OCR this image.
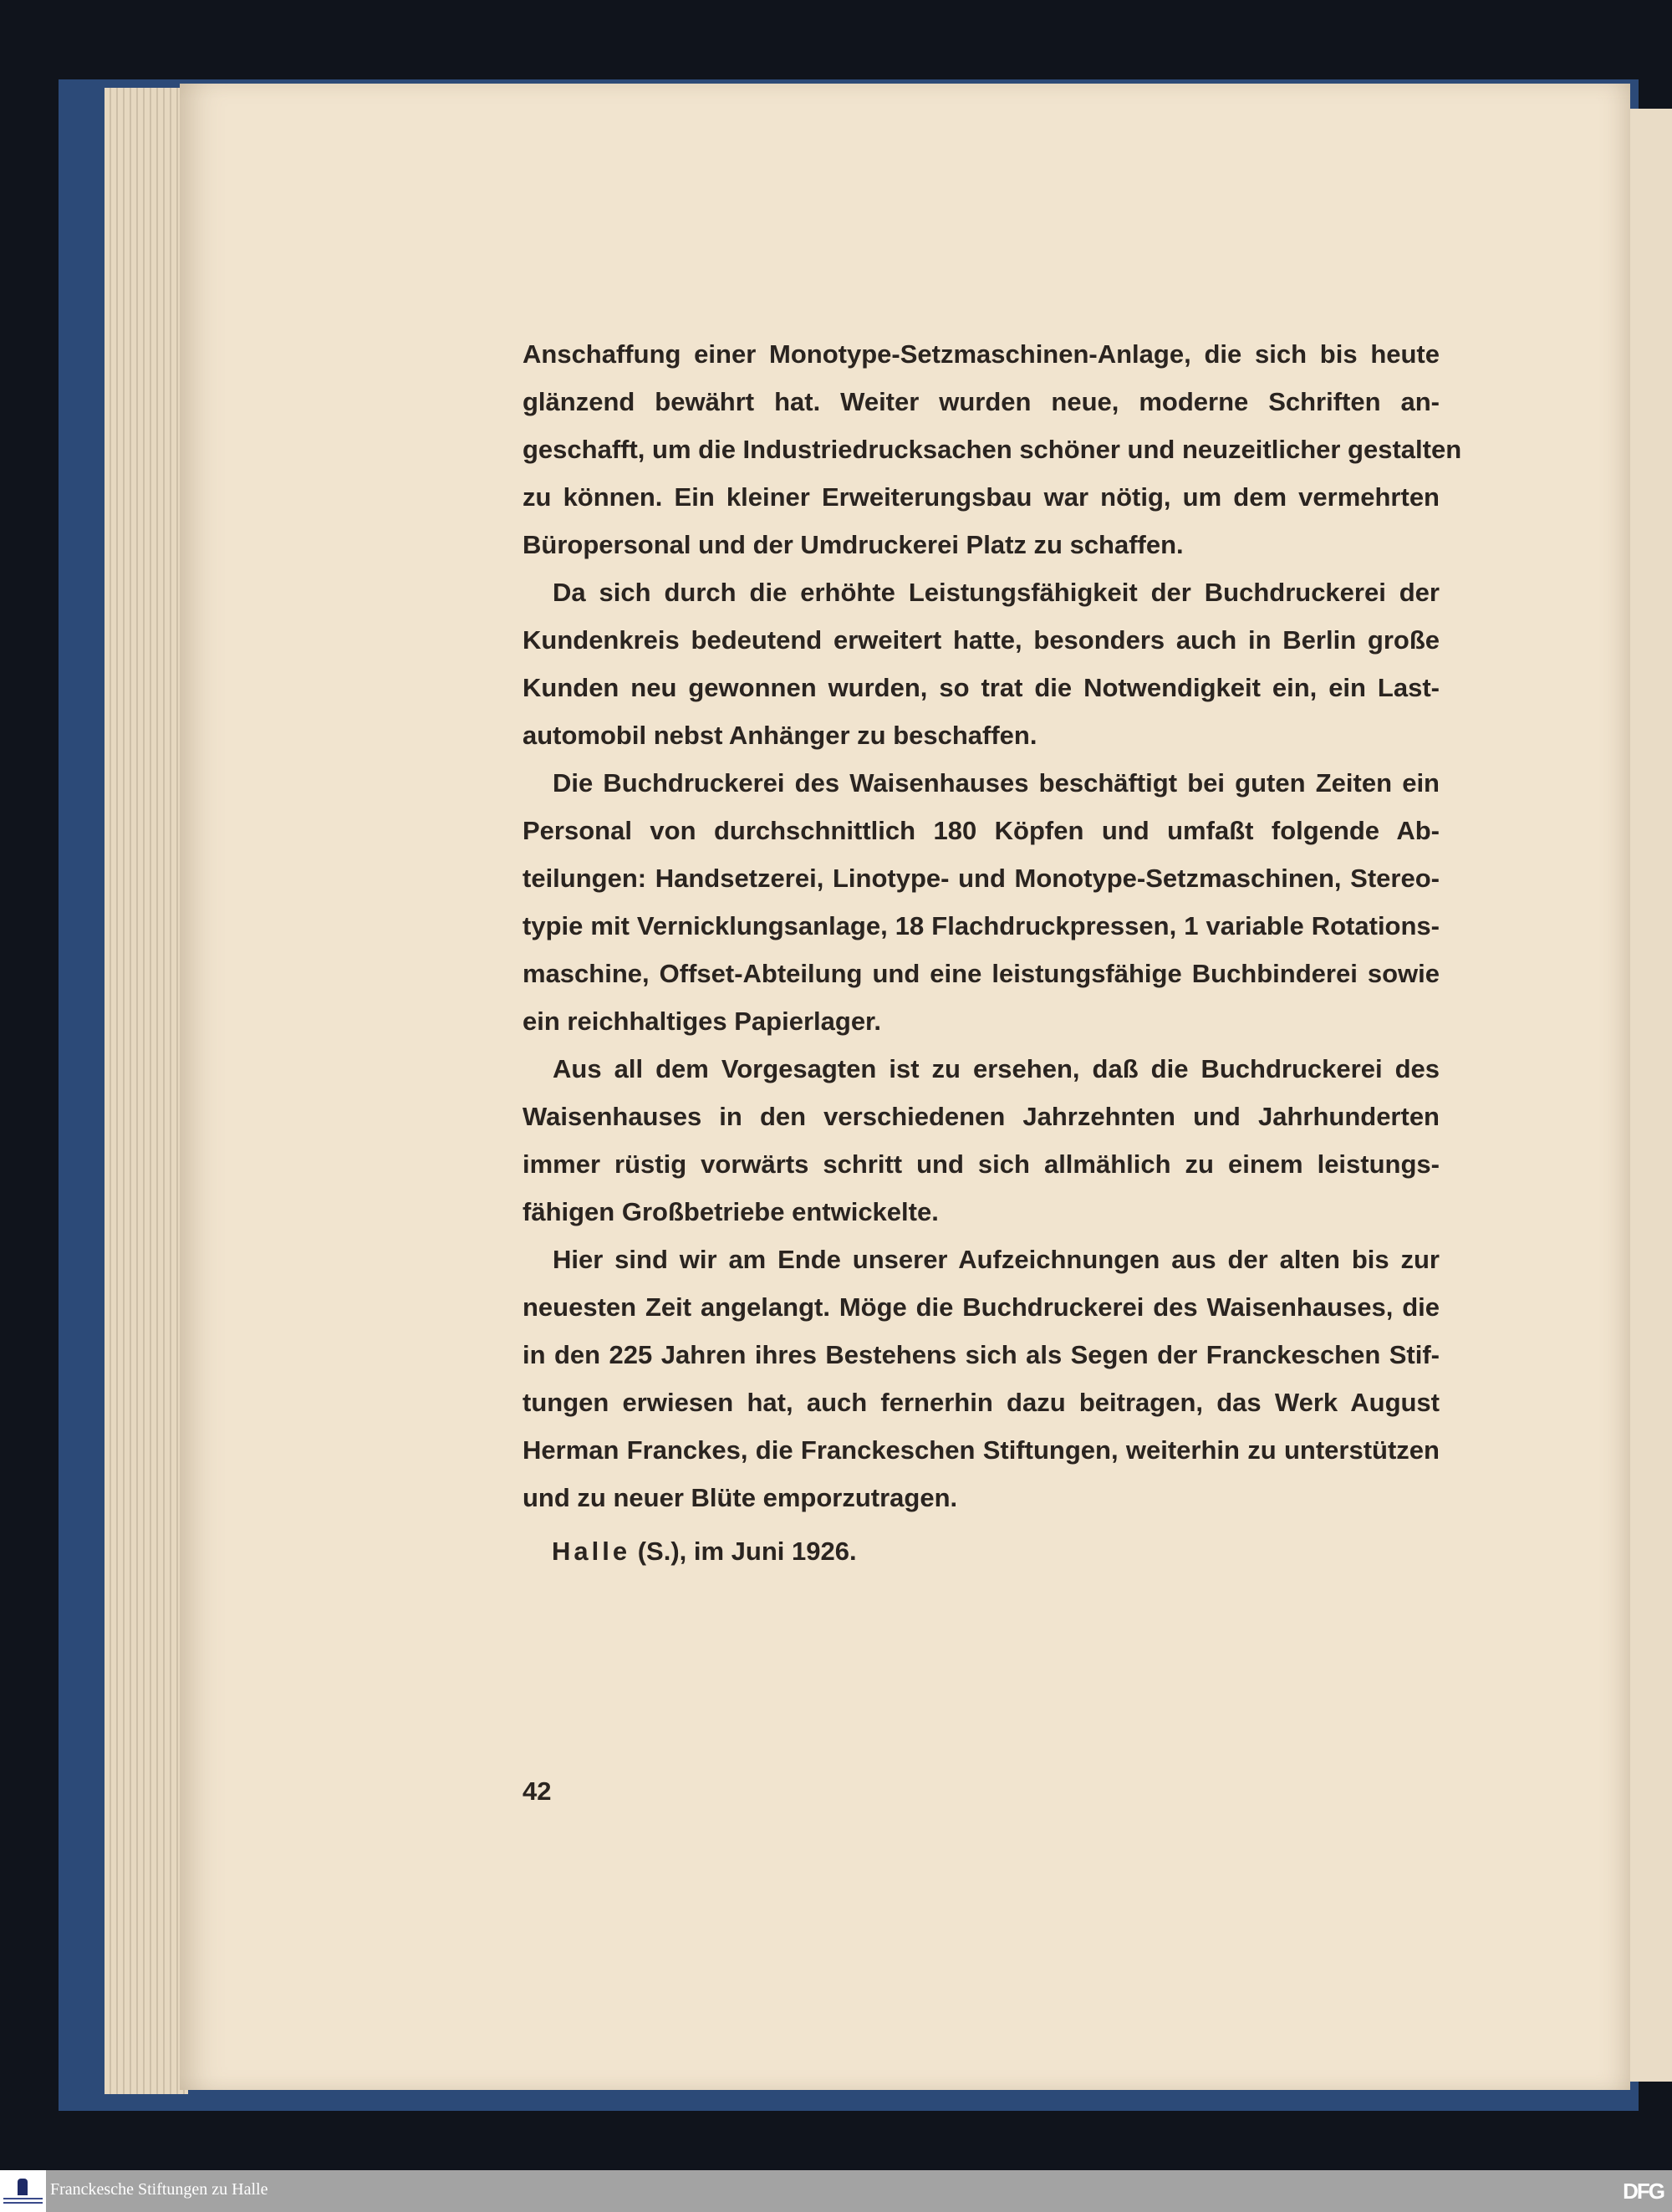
Anschaffung einer Monotype-Setzmaschinen-Anlage, die sich bis heute
glänzend bewährt hat. Weiter wurden neue, moderne Schriften an-
geschafft, um die Industriedrucksachen schöner und neuzeitlicher gestalten
zu können. Ein kleiner Erweiterungsbau war nötig, um dem vermehrten
Büropersonal und der Umdruckerei Platz zu schaffen.
Da sich durch die erhöhte Leistungsfähigkeit der Buchdruckerei der
Kundenkreis bedeutend erweitert hatte, besonders auch in Berlin große
Kunden neu gewonnen wurden, so trat die Notwendigkeit ein, ein Last-
automobil nebst Anhänger zu beschaffen.
Die Buchdruckerei des Waisenhauses beschäftigt bei guten Zeiten ein
Personal von durchschnittlich 180 Köpfen und umfaßt folgende Ab-
teilungen: Handsetzerei, Linotype- und Monotype-Setzmaschinen, Stereo-
typie mit Vernicklungsanlage, 18 Flachdruckpressen, 1 variable Rotations-
maschine, Offset-Abteilung und eine leistungsfähige Buchbinderei sowie
ein reichhaltiges Papierlager.
Aus all dem Vorgesagten ist zu ersehen, daß die Buchdruckerei des
Waisenhauses in den verschiedenen Jahrzehnten und Jahrhunderten
immer rüstig vorwärts schritt und sich allmählich zu einem leistungs-
fähigen Großbetriebe entwickelte.
Hier sind wir am Ende unserer Aufzeichnungen aus der alten bis zur
neuesten Zeit angelangt. Möge die Buchdruckerei des Waisenhauses, die
in den 225 Jahren ihres Bestehens sich als Segen der Franckeschen Stif-
tungen erwiesen hat, auch fernerhin dazu beitragen, das Werk August
Herman Franckes, die Franckeschen Stiftungen, weiterhin zu unterstützen
und zu neuer Blüte emporzutragen.
Halle (S.), im Juni 1926.
42
Franckesche Stiftungen zu Halle	DFG
